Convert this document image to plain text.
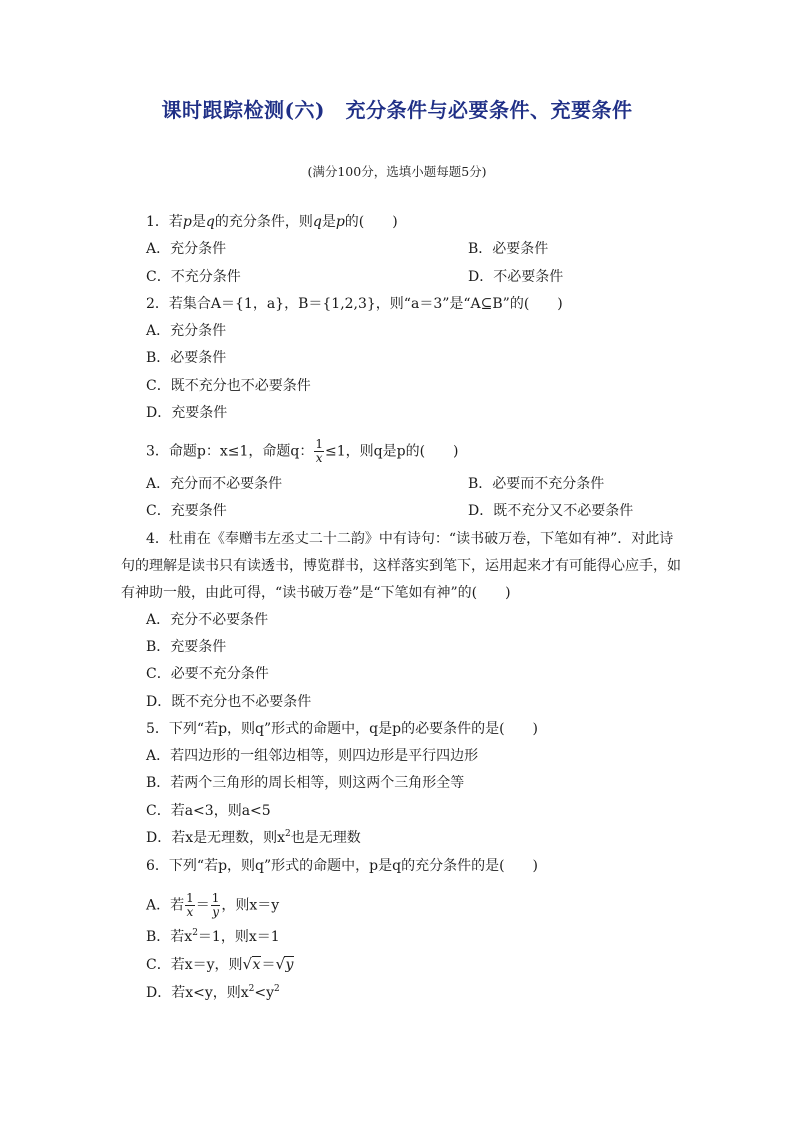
课时跟踪检测(六)　充分条件与必要条件、充要条件
(满分100分，选填小题每题5分)
1．若p是q的充分条件，则q是p的(　　)
A．充分条件	B．必要条件
C．不充分条件	D．不必要条件
2．若集合A＝{1，a}，B＝{1,2,3}，则“a＝3”是“A⊆B”的(　　)
A．充分条件
B．必要条件
C．既不充分也不必要条件
D．充要条件
3．命题p：x≤1，命题q： $\frac{1}{x} \le 1$，则q是p的(　　)
A．充分而不必要条件	B．必要而不充分条件
C．充要条件	D．既不充分又不必要条件
4．杜甫在《奉赠韦左丞丈二十二韵》中有诗句：“读书破万卷，下笔如有神”．对此诗
句的理解是读书只有读透书，博览群书，这样落实到笔下，运用起来才有可能得心应手，如
有神助一般，由此可得，“读书破万卷”是“下笔如有神”的(　　)
A．充分不必要条件
B．充要条件
C．必要不充分条件
D．既不充分也不必要条件
5．下列“若p，则q”形式的命题中，q是p的必要条件的是(　　)
A．若四边形的一组邻边相等，则四边形是平行四边形
B．若两个三角形的周长相等，则这两个三角形全等
C．若a<3，则a<5
D．若x是无理数，则$x^2$也是无理数
6．下列“若p，则q”形式的命题中，p是q的充分条件的是(　　)
A．若 $\frac{1}{x} = \frac{1}{y}$ ，则x＝y
B．若$x^2=1$，则x＝1
C．若x＝y，则 √ x＝ √ y
D．若x<y，则$x^2<y^2$
